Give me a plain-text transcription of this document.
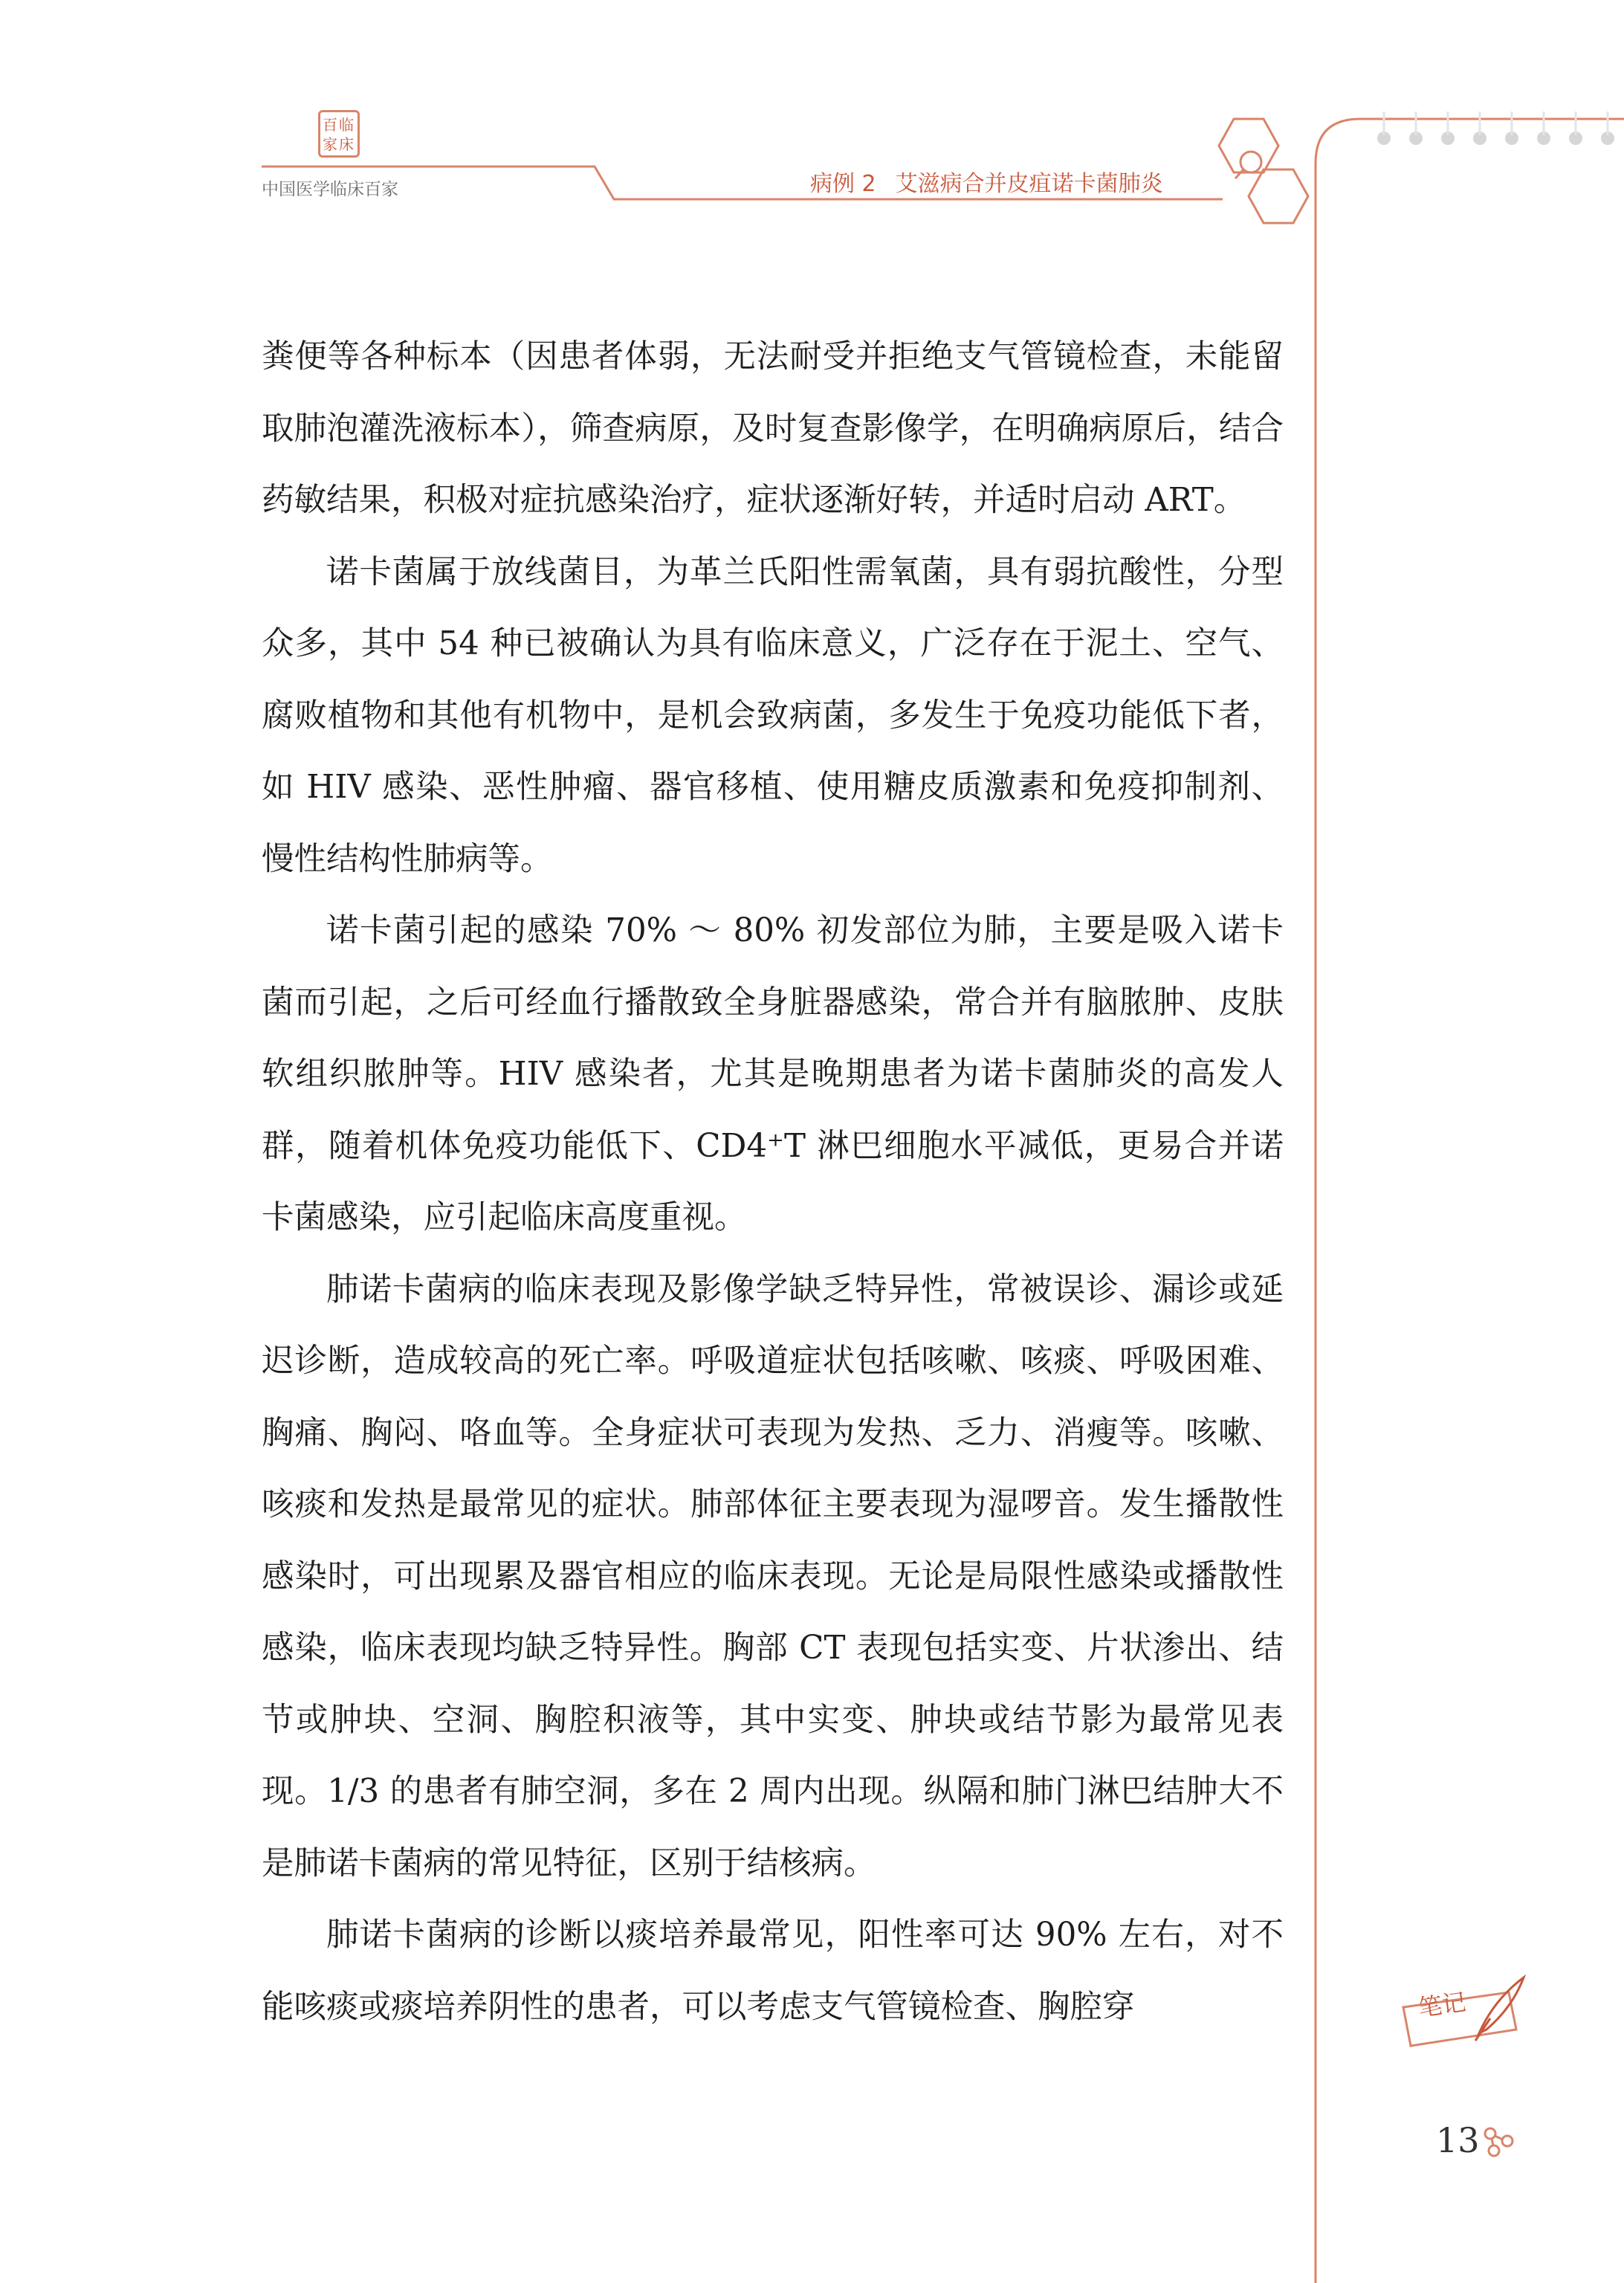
百临家床
中国医学临床百家	病例 2 艾滋病合并皮疽诺卡菌肺炎

粪便等各种标本（因患者体弱，无法耐受并拒绝支气管镜检查，未能留取肺泡灌洗液标本），筛查病原，及时复查影像学，在明确病原后，结合药敏结果，积极对症抗感染治疗，症状逐渐好转，并适时启动 ART。

诺卡菌属于放线菌目，为革兰氏阳性需氧菌，具有弱抗酸性，分型众多，其中 54 种已被确认为具有临床意义，广泛存在于泥土、空气、腐败植物和其他有机物中，是机会致病菌，多发生于免疫功能低下者，如 HIV 感染、恶性肿瘤、器官移植、使用糖皮质激素和免疫抑制剂、慢性结构性肺病等。

诺卡菌引起的感染 70% ～ 80% 初发部位为肺，主要是吸入诺卡菌而引起，之后可经血行播散致全身脏器感染，常合并有脑脓肿、皮肤软组织脓肿等。HIV 感染者，尤其是晚期患者为诺卡菌肺炎的高发人群，随着机体免疫功能低下、CD4⁺T 淋巴细胞水平减低，更易合并诺卡菌感染，应引起临床高度重视。

肺诺卡菌病的临床表现及影像学缺乏特异性，常被误诊、漏诊或延迟诊断，造成较高的死亡率。呼吸道症状包括咳嗽、咳痰、呼吸困难、胸痛、胸闷、咯血等。全身症状可表现为发热、乏力、消瘦等。咳嗽、咳痰和发热是最常见的症状。肺部体征主要表现为湿啰音。发生播散性感染时，可出现累及器官相应的临床表现。无论是局限性感染或播散性感染，临床表现均缺乏特异性。胸部 CT 表现包括实变、片状渗出、结节或肿块、空洞、胸腔积液等，其中实变、肿块或结节影为最常见表现。1/3 的患者有肺空洞，多在 2 周内出现。纵隔和肺门淋巴结肿大不是肺诺卡菌病的常见特征，区别于结核病。

肺诺卡菌病的诊断以痰培养最常见，阳性率可达 90% 左右，对不能咳痰或痰培养阴性的患者，可以考虑支气管镜检查、胸腔穿	笔记
13
